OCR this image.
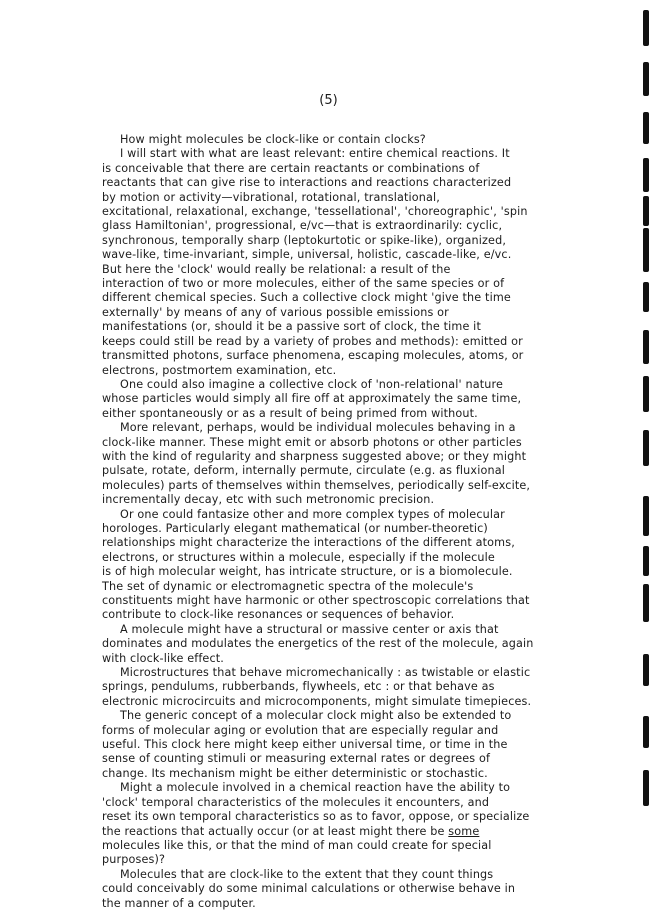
(5)

How might molecules be clock-like or contain clocks?

I will start with what are least relevant: entire chemical reactions. It
is conceivable that there are certain reactants or combinations of
reactants that can give rise to interactions and reactions characterized
by motion or activity—vibrational, rotational, translational,
excitational, relaxational, exchange, 'tessellational', 'choreographic', 'spin
glass Hamiltonian', progressional, e/vc—that is extraordinarily: cyclic,
synchronous, temporally sharp (leptokurtotic or spike-like), organized,
wave-like, time-invariant, simple, universal, holistic, cascade-like, e/vc.
But here the 'clock' would really be relational: a result of the
interaction of two or more molecules, either of the same species or of
different chemical species. Such a collective clock might 'give the time
externally' by means of any of various possible emissions or
manifestations (or, should it be a passive sort of clock, the time it
keeps could still be read by a variety of probes and methods): emitted or
transmitted photons, surface phenomena, escaping molecules, atoms, or
electrons, postmortem examination, etc.

One could also imagine a collective clock of 'non-relational' nature
whose particles would simply all fire off at approximately the same time,
either spontaneously or as a result of being primed from without.

More relevant, perhaps, would be individual molecules behaving in a
clock-like manner. These might emit or absorb photons or other particles
with the kind of regularity and sharpness suggested above; or they might
pulsate, rotate, deform, internally permute, circulate (e.g. as fluxional
molecules) parts of themselves within themselves, periodically self-excite,
incrementally decay, etc with such metronomic precision.

Or one could fantasize other and more complex types of molecular
horologes. Particularly elegant mathematical (or number-theoretic)
relationships might characterize the interactions of the different atoms,
electrons, or structures within a molecule, especially if the molecule
is of high molecular weight, has intricate structure, or is a biomolecule.
The set of dynamic or electromagnetic spectra of the molecule's
constituents might have harmonic or other spectroscopic correlations that
contribute to clock-like resonances or sequences of behavior.

A molecule might have a structural or massive center or axis that
dominates and modulates the energetics of the rest of the molecule, again
with clock-like effect.

Microstructures that behave micromechanically : as twistable or elastic
springs, pendulums, rubberbands, flywheels, etc : or that behave as
electronic microcircuits and microcomponents, might simulate timepieces.

The generic concept of a molecular clock might also be extended to
forms of molecular aging or evolution that are especially regular and
useful. This clock here might keep either universal time, or time in the
sense of counting stimuli or measuring external rates or degrees of
change. Its mechanism might be either deterministic or stochastic.

Might a molecule involved in a chemical reaction have the ability to
'clock' temporal characteristics of the molecules it encounters, and
reset its own temporal characteristics so as to favor, oppose, or specialize
the reactions that actually occur (or at least might there be some
molecules like this, or that the mind of man could create for special
purposes)?

Molecules that are clock-like to the extent that they count things
could conceivably do some minimal calculations or otherwise behave in
the manner of a computer.
